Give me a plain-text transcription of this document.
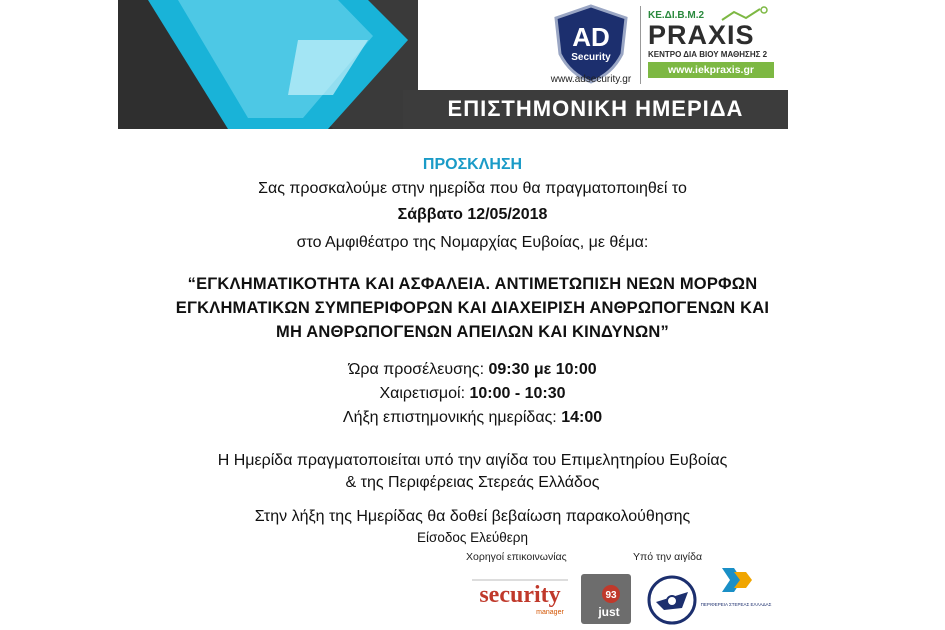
ΕΠΙΣΤΗΜΟΝΙΚΗ ΗΜΕΡΙΔΑ
AD
Security
www.adsecurity.gr
ΚΕ.ΔΙ.Β.Μ.2
PRAXIS
ΚΕΝΤΡΟ ΔΙΑ ΒΙΟΥ ΜΑΘΗΣΗΣ 2
www.iekpraxis.gr
ΠΡΟΣΚΛΗΣΗ
Σας προσκαλούμε στην ημερίδα που θα πραγματοποιηθεί το
Σάββατο 12/05/2018
στο Αμφιθέατρο της Νομαρχίας Ευβοίας, με θέμα:
“ΕΓΚΛΗΜΑΤΙΚΟΤΗΤΑ ΚΑΙ ΑΣΦΑΛΕΙΑ. ΑΝΤΙΜΕΤΩΠΙΣΗ ΝΕΩΝ ΜΟΡΦΩΝ
ΕΓΚΛΗΜΑΤΙΚΩΝ ΣΥΜΠΕΡΙΦΟΡΩΝ ΚΑΙ ΔΙΑΧΕΙΡΙΣΗ ΑΝΘΡΩΠΟΓΕΝΩΝ ΚΑΙ
ΜΗ ΑΝΘΡΩΠΟΓΕΝΩΝ ΑΠΕΙΛΩΝ ΚΑΙ ΚΙΝΔΥΝΩΝ”
Ώρα προσέλευσης: 09:30 με 10:00
Χαιρετισμοί: 10:00 - 10:30
Λήξη επιστημονικής ημερίδας: 14:00
Η Ημερίδα πραγματοποιείται υπό την αιγίδα του Επιμελητηρίου Ευβοίας
& της Περιφέρειας Στερεάς Ελλάδος
Στην λήξη της Ημερίδας θα δοθεί βεβαίωση παρακολούθησης
Είσοδος Ελεύθερη
Χορηγοί επικοινωνίας	Υπό την αιγίδα
security
manager
93
just
ΠΕΡΙΦΕΡΕΙΑ ΣΤΕΡΕΑΣ ΕΛΛΑΔΑΣ
